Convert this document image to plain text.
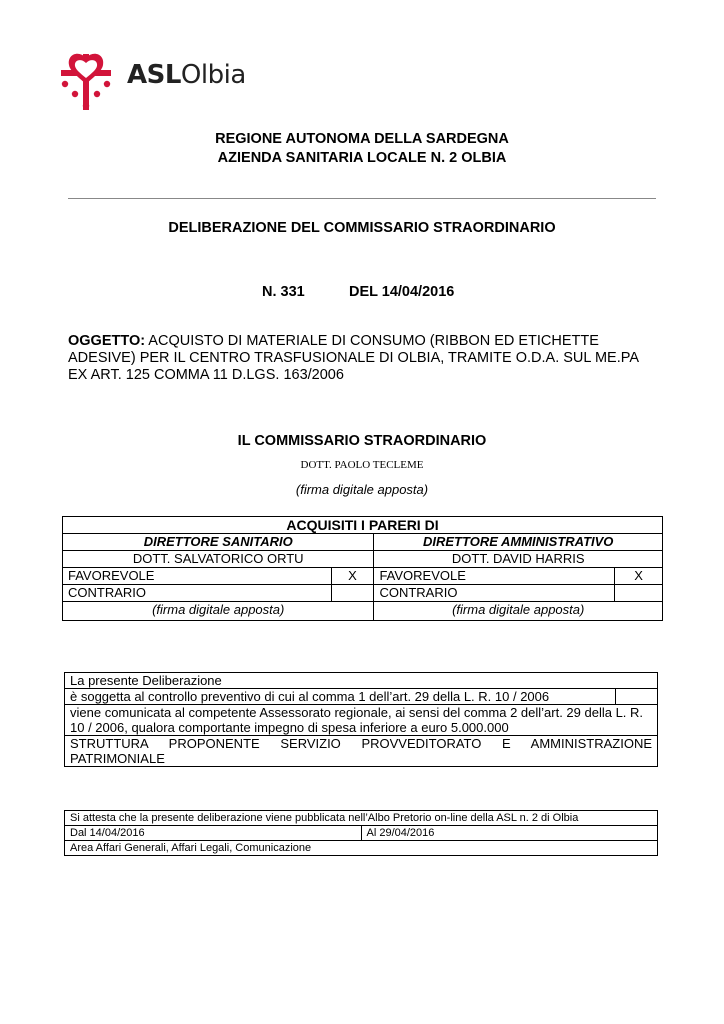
ASLOlbia
REGIONE AUTONOMA DELLA SARDEGNA
AZIENDA SANITARIA LOCALE N. 2 OLBIA
DELIBERAZIONE DEL COMMISSARIO STRAORDINARIO
N. 331	DEL 14/04/2016
OGGETTO: ACQUISTO DI MATERIALE DI CONSUMO (RIBBON ED ETICHETTE ADESIVE) PER IL CENTRO TRASFUSIONALE DI OLBIA, TRAMITE O.D.A. SUL ME.PA EX ART. 125 COMMA 11 D.LGS. 163/2006
IL COMMISSARIO STRAORDINARIO
DOTT. PAOLO TECLEME
(firma digitale apposta)
ACQUISITI I PARERI DI			
DIRETTORE SANITARIO		DIRETTORE AMMINISTRATIVO	
DOTT. SALVATORICO ORTU		DOTT. DAVID HARRIS	
FAVOREVOLE	X	FAVOREVOLE	X
CONTRARIO		CONTRARIO	
(firma digitale apposta)		(firma digitale apposta)	
La presente Deliberazione
è soggetta al controllo preventivo di cui al comma 1 dell’art. 29 della L. R. 10 / 2006	
viene comunicata al competente Assessorato regionale, ai sensi del comma 2 dell’art. 29 della L. R. 10 / 2006, qualora comportante impegno di spesa inferiore a euro 5.000.000

STRUTTURA PROPONENTE SERVIZIO PROVVEDITORATO E AMMINISTRAZIONE
PATRIMONIALE
Si attesta che la presente deliberazione viene pubblicata nell’Albo Pretorio on-line della ASL n. 2 di Olbia
Dal 14/04/2016	Al 29/04/2016
Area Affari Generali, Affari Legali, Comunicazione
